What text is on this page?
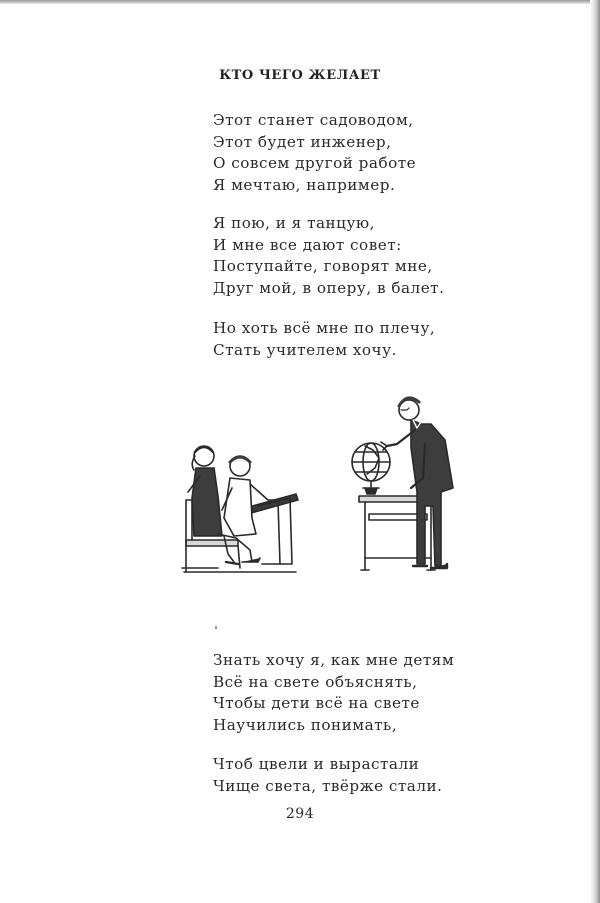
КТО ЧЕГО ЖЕЛАЕТ
Этот станет садоводом,
Этот будет инженер,
О совсем другой работе
Я мечтаю, например.
Я пою, и я танцую,
И мне все дают совет:
Поступайте, говорят мне,
Друг мой, в оперу, в балет.
Но хоть всё мне по плечу,
Стать учителем хочу.
Знать хочу я, как мне детям
Всё на свете объяснять,
Чтобы дети всё на свете
Научились понимать,
Чтоб цвели и вырастали
Чище света, твёрже стали.
294
